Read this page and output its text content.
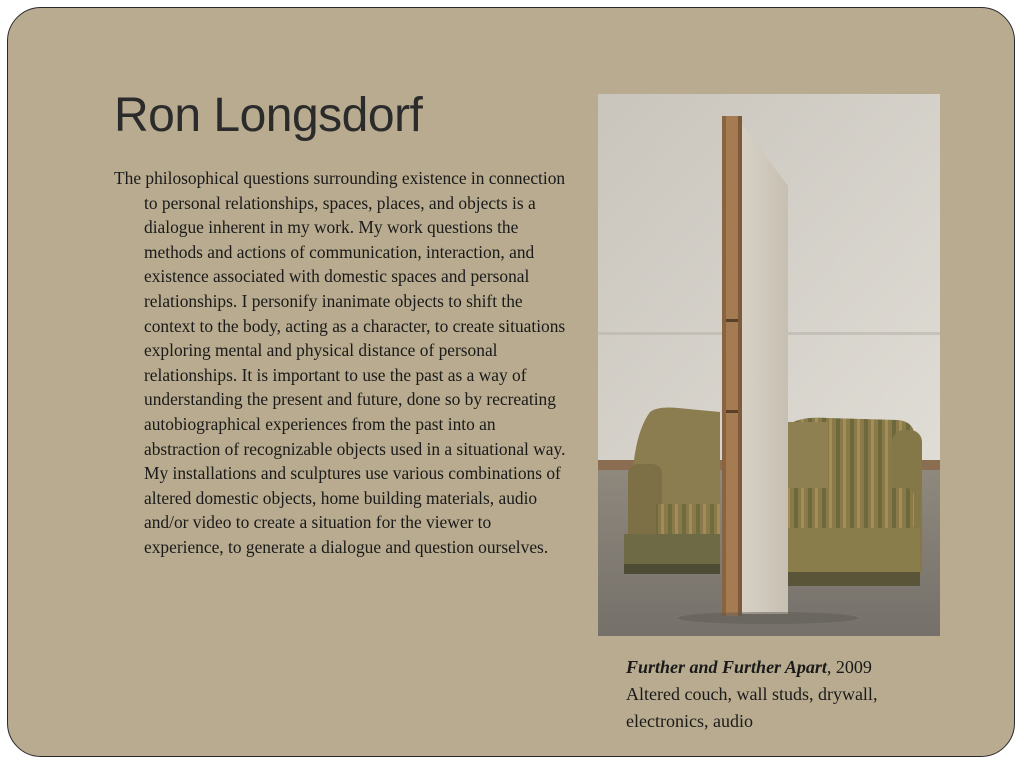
Ron Longsdorf

The philosophical questions surrounding existence in connection to personal relationships, spaces, places, and objects is a dialogue inherent in my work. My work questions the methods and actions of communication, interaction, and existence associated with domestic spaces and personal relationships. I personify inanimate objects to shift the context to the body, acting as a character, to create situations exploring mental and physical distance of personal relationships. It is important to use the past as a way of understanding the present and future, done so by recreating autobiographical experiences from the past into an abstraction of recognizable objects used in a situational way. My installations and sculptures use various combinations of altered domestic objects, home building materials, audio and/or video to create a situation for the viewer to experience, to generate a dialogue and question ourselves.

Further and Further Apart, 2009
Altered couch, wall studs, drywall,
electronics, audio
